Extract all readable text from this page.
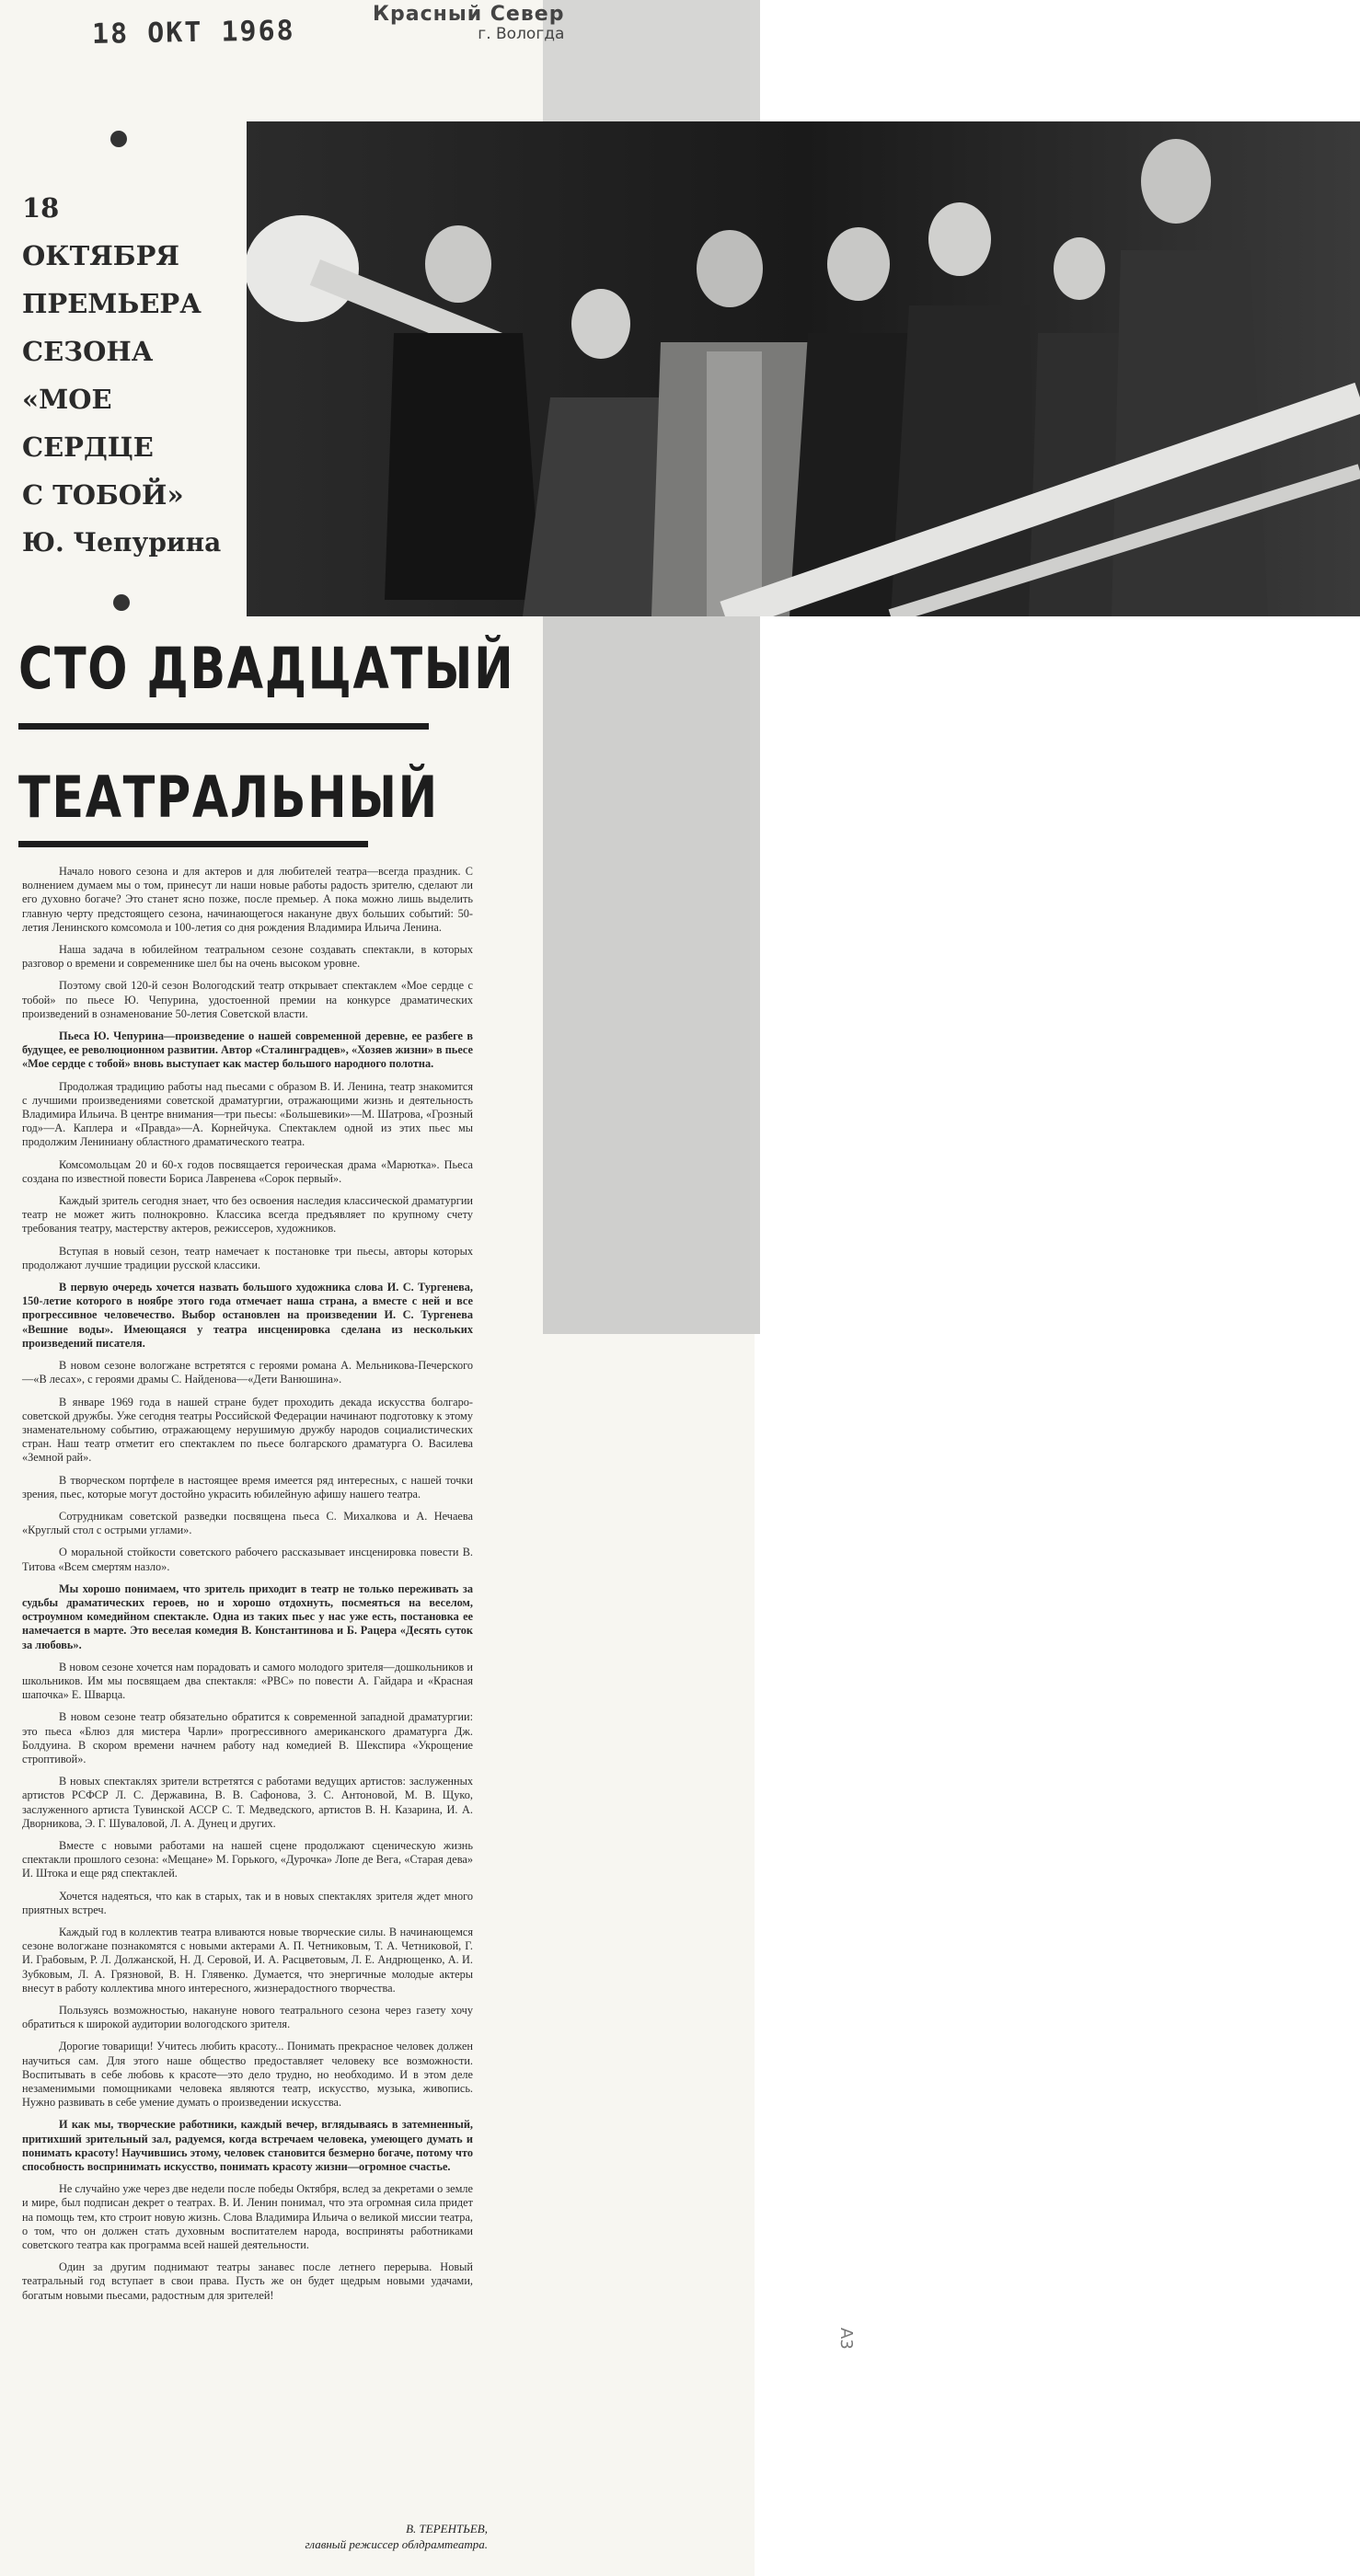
18 ОКТ 1968
Красный Север
г. Вологда
18
ОКТЯБРЯ
ПРЕМЬЕРА
СЕЗОНА
«МОЕ
СЕРДЦЕ
С ТОБОЙ»
Ю. Чепурина
СТО ДВАДЦАТЫЙ
ТЕАТРАЛЬНЫЙ

Начало нового сезона и для актеров и для любителей театра—всегда праздник. С волнением думаем мы о том, принесут ли наши новые работы радость зрителю, сделают ли его духовно богаче? Это станет ясно позже, после премьер. А пока можно лишь выделить главную черту предстоящего сезона, начинающегося накануне двух больших событий: 50-летия Ленинского комсомола и 100-летия со дня рождения Владимира Ильича Ленина.

Наша задача в юбилейном театральном сезоне создавать спектакли, в которых разговор о времени и современнике шел бы на очень высоком уровне.

Поэтому свой 120-й сезон Вологодский театр открывает спектаклем «Мое сердце с тобой» по пьесе Ю. Чепурина, удостоенной премии на конкурсе драматических произведений в ознаменование 50-летия Советской власти.

Пьеса Ю. Чепурина—произведение о нашей современной деревне, ее разбеге в будущее, ее революционном развитии. Автор «Сталинградцев», «Хозяев жизни» в пьесе «Мое сердце с тобой» вновь выступает как мастер большого народного полотна.

Продолжая традицию работы над пьесами с образом В. И. Ленина, театр знакомится с лучшими произведениями советской драматургии, отражающими жизнь и деятельность Владимира Ильича. В центре внимания—три пьесы: «Большевики»—М. Шатрова, «Грозный год»—А. Каплера и «Правда»—А. Корнейчука. Спектаклем одной из этих пьес мы продолжим Лениниану областного драматического театра.

Комсомольцам 20 и 60-х годов посвящается героическая драма «Марютка». Пьеса создана по известной повести Бориса Лавренева «Сорок первый».

Каждый зритель сегодня знает, что без освоения наследия классической драматургии театр не может жить полнокровно. Классика всегда предъявляет по крупному счету требования театру, мастерству актеров, режиссеров, художников.

Вступая в новый сезон, театр намечает к постановке три пьесы, авторы которых продолжают лучшие традиции русской классики.

В первую очередь хочется назвать большого художника слова И. С. Тургенева, 150-летие которого в ноябре этого года отмечает наша страна, а вместе с ней и все прогрессивное человечество. Выбор остановлен на произведении И. С. Тургенева «Вешние воды». Имеющаяся у театра инсценировка сделана из нескольких произведений писателя.

В новом сезоне вологжане встретятся с героями романа А. Мельникова-Печерского—«В лесах», с героями драмы С. Найденова—«Дети Ванюшина».

В январе 1969 года в нашей стране будет проходить декада искусства болгаро-советской дружбы. Уже сегодня театры Российской Федерации начинают подготовку к этому знаменательному событию, отражающему нерушимую дружбу народов социалистических стран. Наш театр отметит его спектаклем по пьесе болгарского драматурга О. Василева «Земной рай».

В творческом портфеле в настоящее время имеется ряд интересных, с нашей точки зрения, пьес, которые могут достойно украсить юбилейную афишу нашего театра.

Сотрудникам советской разведки посвящена пьеса С. Михалкова и А. Нечаева «Круглый стол с острыми углами».

О моральной стойкости советского рабочего рассказывает инсценировка повести В. Титова «Всем смертям назло».

Мы хорошо понимаем, что зритель приходит в театр не только переживать за судьбы драматических героев, но и хорошо отдохнуть, посмеяться на веселом, остроумном комедийном спектакле. Одна из таких пьес у нас уже есть, постановка ее намечается в марте. Это веселая комедия В. Константинова и Б. Рацера «Десять суток за любовь».

В новом сезоне хочется нам порадовать и самого молодого зрителя—дошкольников и школьников. Им мы посвящаем два спектакля: «РВС» по повести А. Гайдара и «Красная шапочка» Е. Шварца.

В новом сезоне театр обязательно обратится к современной западной драматургии: это пьеса «Блюз для мистера Чарли» прогрессивного американского драматурга Дж. Болдуина. В скором времени начнем работу над комедией В. Шекспира «Укрощение строптивой».

В новых спектаклях зрители встретятся с работами ведущих артистов: заслуженных артистов РСФСР Л. С. Державина, В. В. Сафонова, З. С. Антоновой, М. В. Щуко, заслуженного артиста Тувинской АССР С. Т. Медведского, артистов В. Н. Казарина, И. А. Дворникова, Э. Г. Шуваловой, Л. А. Дунец и других.

Вместе с новыми работами на нашей сцене продолжают сценическую жизнь спектакли прошлого сезона: «Мещане» М. Горького, «Дурочка» Лопе де Вега, «Старая дева» И. Штока и еще ряд спектаклей.

Хочется надеяться, что как в старых, так и в новых спектаклях зрителя ждет много приятных встреч.

Каждый год в коллектив театра вливаются новые творческие силы. В начинающемся сезоне вологжане познакомятся с новыми актерами А. П. Четниковым, Т. А. Четниковой, Г. И. Грабовым, Р. Л. Должанской, Н. Д. Серовой, И. А. Расцветовым, Л. Е. Андрющенко, А. И. Зубковым, Л. А. Грязновой, В. Н. Глявенко. Думается, что энергичные молодые актеры внесут в работу коллектива много интересного, жизнерадостного творчества.

Пользуясь возможностью, накануне нового театрального сезона через газету хочу обратиться к широкой аудитории вологодского зрителя.

Дорогие товарищи! Учитесь любить красоту... Понимать прекрасное человек должен научиться сам. Для этого наше общество предоставляет человеку все возможности. Воспитывать в себе любовь к красоте—это дело трудно, но необходимо. И в этом деле незаменимыми помощниками человека являются театр, искусство, музыка, живопись. Нужно развивать в себе умение думать о произведении искусства.

И как мы, творческие работники, каждый вечер, вглядываясь в затемненный, притихший зрительный зал, радуемся, когда встречаем человека, умеющего думать и понимать красоту! Научившись этому, человек становится безмерно богаче, потому что способность воспринимать искусство, понимать красоту жизни—огромное счастье.

Не случайно уже через две недели после победы Октября, вслед за декретами о земле и мире, был подписан декрет о театрах. В. И. Ленин понимал, что эта огромная сила придет на помощь тем, кто строит новую жизнь. Слова Владимира Ильича о великой миссии театра, о том, что он должен стать духовным воспитателем народа, восприняты работниками советского театра как программа всей нашей деятельности.

Один за другим поднимают театры занавес после летнего перерыва. Новый театральный год вступает в свои права. Пусть же он будет щедрым новыми удачами, богатым новыми пьесами, радостным для зрителей!

В. ТЕРЕНТЬЕВ,
главный режиссер облдрамтеатра.
А3
